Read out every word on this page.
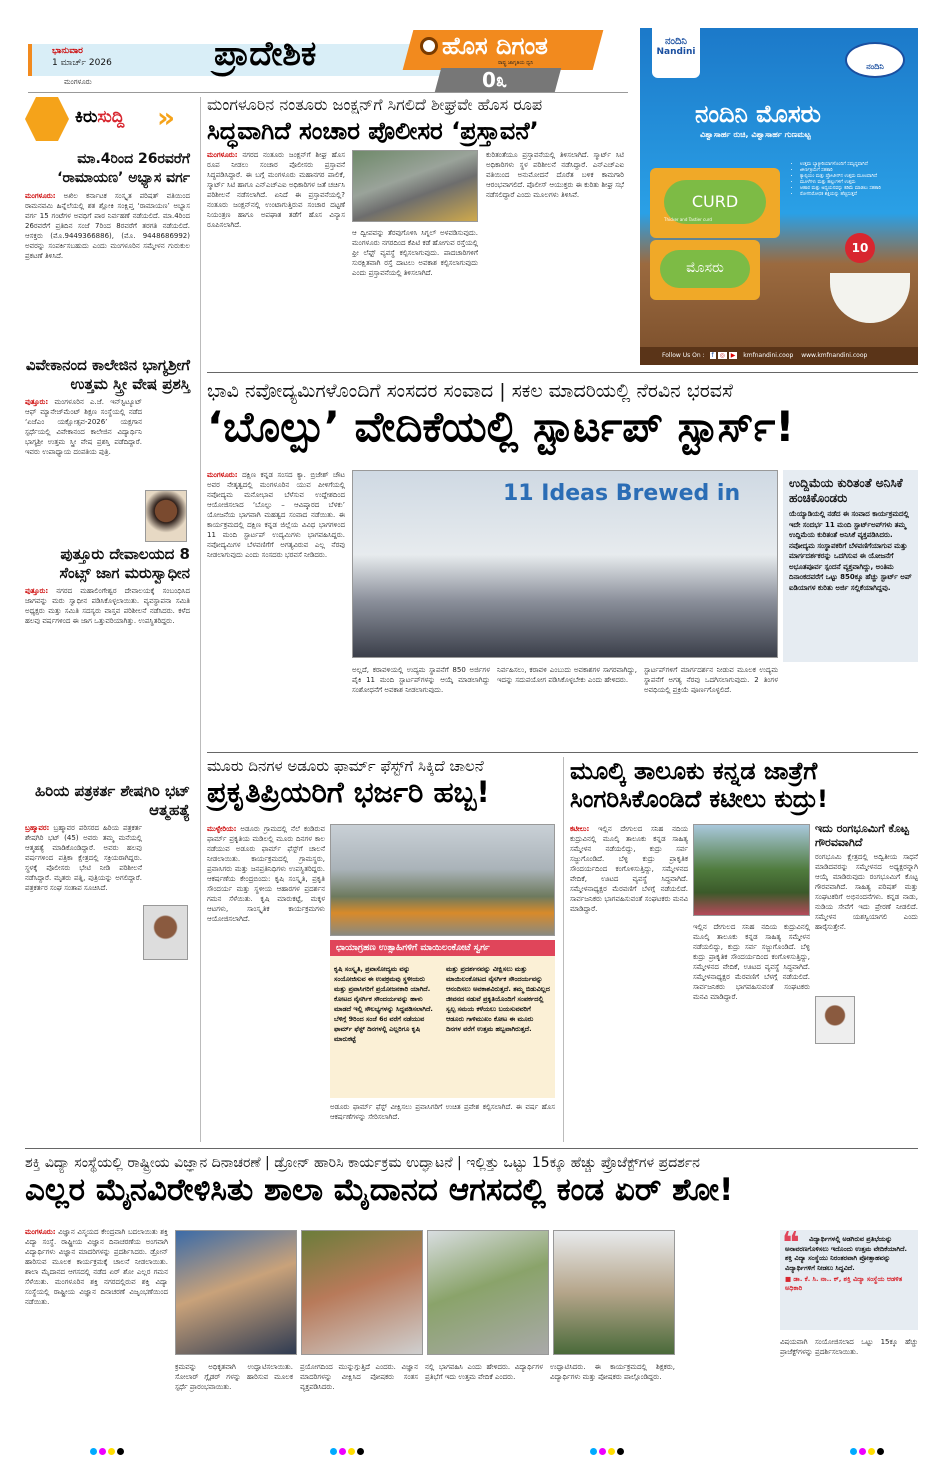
ಭಾನುವಾರ
1 ಮಾರ್ಚ್ 2026
ಮಂಗಳೂರು
ಪ್ರಾದೇಶಿಕ	ಹೊಸ ದಿಗಂತ
ರಾಷ್ಟ್ರ ಜಾಗೃತಿಯ ಧ್ವನಿ
0೩
ನಂದಿನಿ
Nandini
ನಂದಿನಿ
ನಂದಿನಿ ಮೊಸರು
ವಿಶ್ವಾಸಾರ್ಹ ರುಚಿ, ವಿಶ್ವಾಸಾರ್ಹ ಗುಣಮಟ್ಟ
• ಉತ್ತಮ ಬ್ಯಾಕ್ಟೀರಿಯಾಗಳೊಂದಿಗೆ ಸಮೃದ್ಧವಾಗಿದೆ
• ಜೀರ್ಣಕ್ರಿಯೆಗೆ ಸಹಕಾರಿ
• ಕ್ಯಾಲ್ಸಿಯಂ ಮತ್ತು ಪ್ರೋಟೀನ್‌ನ ಉತ್ತಮ ಮೂಲವಾಗಿದೆ
• ಮೂಳೆಗಳು ಮತ್ತು ಹಲ್ಲುಗಳಿಗೆ ಉತ್ತಮ
• ಆಹಾರ ಮತ್ತು ಅಧ್ಯಯನವನ್ನು ಕಡಿಮೆ ಮಾಡಲು ಸಹಕಾರಿ
• ರೋಗನಿರೋಧಕ ಶಕ್ತಿಯನ್ನು ಹೆಚ್ಚಿಸುತ್ತದೆ
CURD
Thicker and Tastier curd
ಮೊಸರು
10
Follow Us On : f ◎ ▶ kmfnandini.coop www.kmfnandini.coop
ಕಿರುಸುದ್ದಿ »
ಮಾ.4ರಿಂದ 26ರವರೆಗೆ ‘ರಾಮಾಯಣ’ ಅಭ್ಯಾಸ ವರ್ಗ
ಮಂಗಳೂರು: ಅಖಿಲ ಕರ್ನಾಟಕ ಸಂಸ್ಕೃತ ಪರಿಷತ್ ವತಿಯಿಂದ ರಾಮನವಮಿ ಹಿನ್ನೆಲೆಯಲ್ಲಿ ಶತ ಶ್ಲೋಕಿ ಸಂಕ್ಷಿಪ್ತ ‘ರಾಮಾಯಣ’ ಅಭ್ಯಾಸ ವರ್ಗ 15 ಗಂಟೆಗಳ ಅವಧಿಗೆ ಪಾಠ ನಿರ್ವಹಣೆ ನಡೆಯಲಿದೆ. ಮಾ.4ರಿಂದ 26ರವರೆಗೆ ಪ್ರತಿದಿನ ಸಂಜೆ 7ರಿಂದ 8ರವರೆಗೆ ತರಗತಿ ನಡೆಯಲಿದೆ. ಆಸಕ್ತರು (ಮೊ.9449366886), (ಮೊ. 9448686992) ಅವರನ್ನು ಸಂಪರ್ಕಿಸಬಹುದು ಎಂದು ಮಂಗಳೂರಿನ ಸಮ್ಮೇಳನ ಗುರುಕುಲ ಪ್ರಕಟಣೆ ತಿಳಿಸಿದೆ.
ವಿವೇಕಾನಂದ ಕಾಲೇಜಿನ ಭಾಗ್ಯಶ್ರೀಗೆ ಉತ್ತಮ ಸ್ತ್ರೀ ವೇಷ ಪ್ರಶಸ್ತಿ
ಪುತ್ತೂರು: ಮಂಗಳೂರಿನ ಎ.ಜೆ. ಇನ್‌ಸ್ಟಿಟ್ಯೂಟ್ ಆಫ್ ಮ್ಯಾನೇಜ್‌ಮೆಂಟ್ ಶಿಕ್ಷಣ ಸಂಸ್ಥೆಯಲ್ಲಿ ನಡೆದ ‘ಏಜೆಎಂ ಯಕ್ಷೋತ್ಸವ-2026’ ಯಕ್ಷಗಾನ ಸ್ಪರ್ಧೆಯಲ್ಲಿ ವಿವೇಕಾನಂದ ಕಾಲೇಜಿನ ವಿದ್ಯಾರ್ಥಿನಿ ಭಾಗ್ಯಶ್ರೀ ಉತ್ತಮ ಸ್ತ್ರೀ ವೇಷ ಪ್ರಶಸ್ತಿ ಪಡೆದಿದ್ದಾರೆ. ಇವರು ಉಪಾಧ್ಯಾಯ ದಂಪತಿಯ ಪುತ್ರಿ.
ಪುತ್ತೂರು ದೇವಾಲಯದ 8 ಸೆಂಟ್ಸ್ ಜಾಗ ಮರುಸ್ವಾಧೀನ
ಪುತ್ತೂರು: ನಗರದ ಮಹಾಲಿಂಗೇಶ್ವರ ದೇವಾಲಯಕ್ಕೆ ಸಂಬಂಧಿಸಿದ ಜಾಗವನ್ನು ಮರು ಸ್ವಾಧೀನ ಪಡಿಸಿಕೊಳ್ಳಲಾಯಿತು. ವ್ಯವಸ್ಥಾಪನಾ ಸಮಿತಿ ಅಧ್ಯಕ್ಷರು ಮತ್ತು ಸಮಿತಿ ಸದಸ್ಯರು ವಾಸ್ತವ ಪರಿಶೀಲನೆ ನಡೆಸಿದರು. ಕಳೆದ ಹಲವು ವರ್ಷಗಳಿಂದ ಈ ಜಾಗ ಒತ್ತುವರಿಯಾಗಿತ್ತು. ಉಪಸ್ಥಿತರಿದ್ದರು.
ಹಿರಿಯ ಪತ್ರಕರ್ತ ಶೇಷಗಿರಿ ಭಟ್ ಆತ್ಮಹತ್ಯೆ
ಬ್ರಹ್ಮಾವರ: ಬ್ರಹ್ಮಾವರ ಪರಿಸರದ ಹಿರಿಯ ಪತ್ರಕರ್ತ ಶೇಷಗಿರಿ ಭಟ್ (45) ಅವರು ತಮ್ಮ ಮನೆಯಲ್ಲಿ ಆತ್ಮಹತ್ಯೆ ಮಾಡಿಕೊಂಡಿದ್ದಾರೆ. ಅವರು ಹಲವು ವರ್ಷಗಳಿಂದ ಪತ್ರಿಕಾ ಕ್ಷೇತ್ರದಲ್ಲಿ ಸಕ್ರಿಯರಾಗಿದ್ದರು. ಸ್ಥಳಕ್ಕೆ ಪೊಲೀಸರು ಭೇಟಿ ನೀಡಿ ಪರಿಶೀಲನೆ ನಡೆಸಿದ್ದಾರೆ. ಮೃತರು ಪತ್ನಿ, ಪುತ್ರಿಯನ್ನು ಅಗಲಿದ್ದಾರೆ. ಪತ್ರಕರ್ತರ ಸಂಘ ಸಂತಾಪ ಸೂಚಿಸಿದೆ.
ಮಂಗಳೂರಿನ ನಂತೂರು ಜಂಕ್ಷನ್‌ಗೆ ಸಿಗಲಿದೆ ಶೀಘ್ರವೇ ಹೊಸ ರೂಪ
ಸಿದ್ಧವಾಗಿದೆ ಸಂಚಾರ ಪೊಲೀಸರ ‘ಪ್ರಸ್ತಾವನೆ’
ಮಂಗಳೂರು: ನಗರದ ನಂತೂರು ಜಂಕ್ಷನ್‌ಗೆ ಶೀಘ್ರ ಹೊಸ ರೂಪ ನೀಡಲು ಸಂಚಾರ ಪೊಲೀಸರು ಪ್ರಸ್ತಾವನೆ ಸಿದ್ಧಪಡಿಸಿದ್ದಾರೆ. ಈ ಬಗ್ಗೆ ಮಂಗಳೂರು ಮಹಾನಗರ ಪಾಲಿಕೆ, ಸ್ಮಾರ್ಟ್ ಸಿಟಿ ಹಾಗೂ ಎನ್‌ಎಚ್‌ಎಐ ಅಧಿಕಾರಿಗಳ ಜತೆ ಚರ್ಚಿಸಿ ಪರಿಶೀಲನೆ ನಡೆಸಲಾಗಿದೆ. ಏನಿದೆ ಈ ಪ್ರಸ್ತಾವನೆಯಲ್ಲಿ? ನಂತೂರು ಜಂಕ್ಷನ್‌ನಲ್ಲಿ ಉಂಟಾಗುತ್ತಿರುವ ಸಂಚಾರ ದಟ್ಟಣೆ ನಿಯಂತ್ರಣ ಹಾಗೂ ಅಪಘಾತ ತಡೆಗೆ ಹೊಸ ವಿನ್ಯಾಸ ರೂಪಿಸಲಾಗಿದೆ.
ಆ ದ್ವೀಪವನ್ನು ತೆರವುಗೊಳಿಸಿ ಸಿಗ್ನಲ್ ಅಳವಡಿಸುವುದು. ಮಂಗಳೂರು ನಗರದಿಂದ ಕೆಪಿಟಿ ಕಡೆ ಹೋಗುವ ರಸ್ತೆಯಲ್ಲಿ ಫ್ರೀ ಲೆಫ್ಟ್ ವ್ಯವಸ್ಥೆ ಕಲ್ಪಿಸಲಾಗುವುದು. ಪಾದಚಾರಿಗಳಿಗೆ ಸುರಕ್ಷಿತವಾಗಿ ರಸ್ತೆ ದಾಟಲು ಅವಕಾಶ ಕಲ್ಪಿಸಲಾಗುವುದು ಎಂದು ಪ್ರಸ್ತಾವನೆಯಲ್ಲಿ ತಿಳಿಸಲಾಗಿದೆ.
ಕುರಿತಂತೆಯೂ ಪ್ರಸ್ತಾವನೆಯಲ್ಲಿ ತಿಳಿಸಲಾಗಿದೆ. ಸ್ಮಾರ್ಟ್ ಸಿಟಿ ಅಧಿಕಾರಿಗಳು ಸ್ಥಳ ಪರಿಶೀಲನೆ ನಡೆಸಿದ್ದಾರೆ. ಎನ್‌ಎಚ್‌ಎಐ ವತಿಯಿಂದ ಅನುಮೋದನೆ ದೊರೆತ ಬಳಿಕ ಕಾಮಗಾರಿ ಆರಂಭವಾಗಲಿದೆ. ಪೊಲೀಸ್ ಆಯುಕ್ತರು ಈ ಕುರಿತು ಶೀಘ್ರ ಸಭೆ ನಡೆಸಲಿದ್ದಾರೆ ಎಂದು ಮೂಲಗಳು ತಿಳಿಸಿವೆ.
ಭಾವಿ ನವೋದ್ಯಮಿಗಳೊಂದಿಗೆ ಸಂಸದರ ಸಂವಾದ | ಸಕಲ ಮಾದರಿಯಲ್ಲಿ ನೆರವಿನ ಭರವಸೆ
‘ಬೊಲ್ಪು’ ವೇದಿಕೆಯಲ್ಲಿ ಸ್ಟಾರ್ಟಪ್ ಸ್ಟಾರ್ಸ್!
ಮಂಗಳೂರು: ದಕ್ಷಿಣ ಕನ್ನಡ ಸಂಸದ ಕ್ಯಾ. ಬ್ರಿಜೇಶ್ ಚೌಟ ಅವರ ನೇತೃತ್ವದಲ್ಲಿ ಮಂಗಳೂರಿನ ಯುವ ಪೀಳಿಗೆಯಲ್ಲಿ ನವೋದ್ಯಮ ಮನೋಭಾವ ಬೆಳೆಸುವ ಉದ್ದೇಶದಿಂದ ಆಯೋಜಿಸಲಾದ ‘ಬೊಲ್ಪು – ಆವಿಷ್ಕಾರದ ಬೆಳಕು’ ಯೋಜನೆಯ ಭಾಗವಾಗಿ ಮಹತ್ವದ ಸಂವಾದ ನಡೆಯಿತು. ಈ ಕಾರ್ಯಕ್ರಮದಲ್ಲಿ ದಕ್ಷಿಣ ಕನ್ನಡ ಜಿಲ್ಲೆಯ ವಿವಿಧ ಭಾಗಗಳಿಂದ 11 ಮಂದಿ ಸ್ಟಾರ್ಟಪ್ ಉದ್ಯಮಿಗಳು ಭಾಗವಹಿಸಿದ್ದರು. ನವೋದ್ಯಮಿಗಳ ಬೆಳವಣಿಗೆಗೆ ಅಗತ್ಯವಿರುವ ಎಲ್ಲ ನೆರವು ನೀಡಲಾಗುವುದು ಎಂದು ಸಂಸದರು ಭರವಸೆ ನೀಡಿದರು.
11 Ideas Brewed in
ಅಲ್ಲದೆ, ಕರಾವಳಿಯಲ್ಲಿ ಉದ್ಯಮ ಸ್ಥಾಪನೆಗೆ 850 ಅರ್ಜಿಗಳ ಪೈಕಿ 11 ಮಂದಿ ಸ್ಟಾರ್ಟಪ್‌ಗಳನ್ನು ಆಯ್ಕೆ ಮಾಡಲಾಗಿದ್ದು ಸಂಶೋಧನೆಗೆ ಅವಕಾಶ ನೀಡಲಾಗುವುದು.
ನಿರ್ವಹಿಸಲು, ಕರಾವಳಿ ಎಂಬುದು ಅವಕಾಶಗಳ ಸಾಗರವಾಗಿದ್ದು, ಇದನ್ನು ಸದುಪಯೋಗ ಪಡಿಸಿಕೊಳ್ಳಬೇಕು ಎಂದು ಹೇಳಿದರು.
ಸ್ಟಾರ್ಟಪ್‌ಗಳಿಗೆ ಮಾರ್ಗದರ್ಶನ ನೀಡುವ ಮೂಲಕ ಉದ್ಯಮ ಸ್ಥಾಪನೆಗೆ ಅಗತ್ಯ ನೆರವು ಒದಗಿಸಲಾಗುವುದು. 2 ತಿಂಗಳ ಅವಧಿಯಲ್ಲಿ ಪ್ರಕ್ರಿಯೆ ಪೂರ್ಣಗೊಳ್ಳಲಿದೆ.
ಉದ್ದಿಮೆಯ ಕುರಿತಂತೆ ಅನಿಸಿಕೆ ಹಂಚಿಕೊಂಡರು
ಯೆಯ್ಯಾಡಿಯಲ್ಲಿ ನಡೆದ ಈ ಸಂವಾದ ಕಾರ್ಯಕ್ರಮದಲ್ಲಿ ಇದೇ ಸಂದರ್ಭ 11 ಮಂದಿ ಸ್ಟಾರ್ಟ್‌ಅಪ್‌ಗಳು ತಮ್ಮ ಉದ್ದಿಮೆಯ ಕುರಿತಂತೆ ಅನಿಸಿಕೆ ವ್ಯಕ್ತಪಡಿಸಿದರು. ನವೋದ್ಯಮ ಸಂಸ್ಥಾಪಕರಿಗೆ ಬೆಳವಣಿಗೆಯಾಗುವ ಮತ್ತು ಮಾರ್ಗದರ್ಶಕರನ್ನು ಒದಗಿಸುವ ಈ ಯೋಜನೆಗೆ ಅಭೂತಪೂರ್ವ ಸ್ಪಂದನೆ ವ್ಯಕ್ತವಾಗಿದ್ದು, ಅಂತಿಮ ದಿನಾಂಕದವರೆಗೆ ಒಟ್ಟು 850ಕ್ಕೂ ಹೆಚ್ಚು ಸ್ಟಾರ್ಟ್ ಅಪ್ ಐಡಿಯಾಗಳ ಕುರಿತು ಅರ್ಜಿ ಸಲ್ಲಿಕೆಯಾಗಿದ್ದವು.
ಮೂರು ದಿನಗಳ ಅಡೂರು ಫಾರ್ಮ್ ಫೆಸ್ಟ್‌ಗೆ ಸಿಕ್ಕಿದೆ ಚಾಲನೆ
ಪ್ರಕೃತಿಪ್ರಿಯರಿಗೆ ಭರ್ಜರಿ ಹಬ್ಬ!
ಮುಳ್ಳೇರಿಯ: ಅಡೂರು ಗ್ರಾಮದಲ್ಲಿ ನೆಲೆ ಕಂಡಿರುವ ಫಾರ್ಮ್ ಪ್ರಕೃತಿಯ ಮಡಿಲಲ್ಲಿ ಮೂರು ದಿನಗಳ ಕಾಲ ನಡೆಯುವ ಅಡೂರು ಫಾರ್ಮ್ ಫೆಸ್ಟ್‌ಗೆ ಚಾಲನೆ ನೀಡಲಾಯಿತು. ಕಾರ್ಯಕ್ರಮದಲ್ಲಿ ಗ್ರಾಮಸ್ಥರು, ಪ್ರವಾಸಿಗರು ಮತ್ತು ಜನಪ್ರತಿನಿಧಿಗಳು ಉಪಸ್ಥಿತರಿದ್ದರು. ಆಕರ್ಷಣೆಯ ಕೇಂದ್ರಬಿಂದು: ಕೃಷಿ ಸಂಸ್ಕೃತಿ, ಪ್ರಕೃತಿ ಸೌಂದರ್ಯ ಮತ್ತು ಸ್ಥಳೀಯ ಆಹಾರಗಳ ಪ್ರದರ್ಶನ ಗಮನ ಸೆಳೆಯಿತು. ಕೃಷಿ ಮಾರುಕಟ್ಟೆ, ಮಕ್ಕಳ ಆಟಗಳು, ಸಾಂಸ್ಕೃತಿಕ ಕಾರ್ಯಕ್ರಮಗಳು ಆಯೋಜಿಸಲಾಗಿದೆ.
ಛಾಯಾಗ್ರಹಣ ಉತ್ಸಾಹಿಗಳಿಗೆ ಮಾಯಿಲಂಕೋಟೆ ಸ್ವರ್ಗ
ಕೃಷಿ ಸಂಸ್ಕೃತಿ, ಪ್ರವಾಸೋದ್ಯಮ ವನ್ನು ಸಂಯೋಜಿಸುವ ಈ ಉಪಕ್ರಮವು ಸ್ಥಳೀಯರು ಮತ್ತು ಪ್ರವಾಸಿಗರಿಗೆ ಪ್ರಯೋಜನಕಾರಿ ಯಾಗಿದೆ. ಕೋಟದ ನೈಸರ್ಗಿಕ ಸೌಂದರ್ಯವನ್ನು ಹಾಳು ಮಾಡದೆ ಇಲ್ಲಿ ಸೌಲಭ್ಯಗಳನ್ನು ಸಿದ್ಧಪಡಿಸಲಾಗಿದೆ. ಬೆಳಿಗ್ಗೆ 9ರಿಂದ ಸಂಜೆ 6ರ ವರೆಗೆ ನಡೆಯುವ ಫಾರ್ಮ್ ಫೆಸ್ಟ್ ದಿನಗಳಲ್ಲಿ ಎಲ್ಲರಿಗೂ ಕೃಷಿ ಮಾರುಕಟ್ಟೆ
ಮತ್ತು ಪ್ರದರ್ಶನವನ್ನು ವೀಕ್ಷಿಸಲು ಮತ್ತು ಮಾಯಿಲಂಕೋಟದ ನೈಸರ್ಗಿಕ ಸೌಂದರ್ಯವನ್ನು ಆನಂದಿಸಲು ಅವಕಾಶವಿರುತ್ತದೆ. ತಮ್ಮ ಬಿಡುವಿಲ್ಲದ ಜೀವನದ ನಡುವೆ ಪ್ರಕೃತಿಯೊಂದಿಗೆ ಸಂಪರ್ಕದಲ್ಲಿ ಸ್ವಲ್ಪ ಸಮಯ ಕಳೆಯಲು ಬಯಸುವವರಿಗೆ ಆಡೂರು ಗಾಳಿಮುಖಂ ಕೋಟ ಈ ಮೂರು ದಿನಗಳ ವರೆಗೆ ಉತ್ತಮ ಹಬ್ಬವಾಗಿರುತ್ತದೆ.
ಅಡೂರು ಫಾರ್ಮ್ ಫೆಸ್ಟ್ ವೀಕ್ಷಿಸಲು ಪ್ರವಾಸಿಗರಿಗೆ ಉಚಿತ ಪ್ರವೇಶ ಕಲ್ಪಿಸಲಾಗಿದೆ. ಈ ವರ್ಷ ಹೊಸ ಆಕರ್ಷಣೆಗಳನ್ನು ಸೇರಿಸಲಾಗಿದೆ.
ಮೂಲ್ಕಿ ತಾಲೂಕು ಕನ್ನಡ ಜಾತ್ರೆಗೆ
ಸಿಂಗರಿಸಿಕೊಂಡಿದೆ ಕಟೀಲು ಕುದ್ರು!
ಕಟೀಲು: ಇಲ್ಲಿನ ದೇಗುಲದ ಸನಿಹ ನದಿಯ ಕುದ್ರುವಿನಲ್ಲಿ ಮೂಲ್ಕಿ ತಾಲೂಕು ಕನ್ನಡ ಸಾಹಿತ್ಯ ಸಮ್ಮೇಳನ ನಡೆಯಲಿದ್ದು, ಕುದ್ರು ಸರ್ವ ಸಜ್ಜುಗೊಂಡಿದೆ. ಬೆಳ್ಳಿ ಕುದ್ರು ಪ್ರಾಕೃತಿಕ ಸೌಂದರ್ಯದಿಂದ ಕಂಗೊಳಿಸುತ್ತಿದ್ದು, ಸಮ್ಮೇಳನದ ವೇದಿಕೆ, ಊಟದ ವ್ಯವಸ್ಥೆ ಸಿದ್ಧವಾಗಿದೆ. ಸಮ್ಮೇಳನಾಧ್ಯಕ್ಷರ ಮೆರವಣಿಗೆ ಬೆಳಗ್ಗೆ ನಡೆಯಲಿದೆ. ಸಾರ್ವಜನಿಕರು ಭಾಗವಹಿಸುವಂತೆ ಸಂಘಟಕರು ಮನವಿ ಮಾಡಿದ್ದಾರೆ.
ಇಲ್ಲಿನ ದೇಗುಲದ ಸನಿಹ ನದಿಯ ಕುದ್ರುವಿನಲ್ಲಿ ಮೂಲ್ಕಿ ತಾಲೂಕು ಕನ್ನಡ ಸಾಹಿತ್ಯ ಸಮ್ಮೇಳನ ನಡೆಯಲಿದ್ದು, ಕುದ್ರು ಸರ್ವ ಸಜ್ಜುಗೊಂಡಿದೆ. ಬೆಳ್ಳಿ ಕುದ್ರು ಪ್ರಾಕೃತಿಕ ಸೌಂದರ್ಯದಿಂದ ಕಂಗೊಳಿಸುತ್ತಿದ್ದು, ಸಮ್ಮೇಳನದ ವೇದಿಕೆ, ಊಟದ ವ್ಯವಸ್ಥೆ ಸಿದ್ಧವಾಗಿದೆ. ಸಮ್ಮೇಳನಾಧ್ಯಕ್ಷರ ಮೆರವಣಿಗೆ ಬೆಳಗ್ಗೆ ನಡೆಯಲಿದೆ. ಸಾರ್ವಜನಿಕರು ಭಾಗವಹಿಸುವಂತೆ ಸಂಘಟಕರು ಮನವಿ ಮಾಡಿದ್ದಾರೆ.
ಇದು ರಂಗಭೂಮಿಗೆ ಕೊಟ್ಟ ಗೌರವವಾಗಿದೆ
ರಂಗಭೂಮಿ ಕ್ಷೇತ್ರದಲ್ಲಿ ಅದ್ವಿತೀಯ ಸಾಧನೆ ಮಾಡಿದವರನ್ನು ಸಮ್ಮೇಳನದ ಅಧ್ಯಕ್ಷರನ್ನಾಗಿ ಆಯ್ಕೆ ಮಾಡಿರುವುದು ರಂಗಭೂಮಿಗೆ ಕೊಟ್ಟ ಗೌರವವಾಗಿದೆ. ಸಾಹಿತ್ಯ ಪರಿಷತ್ ಮತ್ತು ಸಂಘಟಕರಿಗೆ ಅಭಿನಂದನೆಗಳು. ಕನ್ನಡ ನಾಡು, ನುಡಿಯ ಸೇವೆಗೆ ಇದು ಪ್ರೇರಣೆ ನೀಡಲಿದೆ. ಸಮ್ಮೇಳನ ಯಶಸ್ವಿಯಾಗಲಿ ಎಂದು ಹಾರೈಸುತ್ತೇನೆ.
ಶಕ್ತಿ ವಿದ್ಯಾ ಸಂಸ್ಥೆಯಲ್ಲಿ ರಾಷ್ಟ್ರೀಯ ವಿಜ್ಞಾನ ದಿನಾಚರಣೆ | ಡ್ರೋನ್ ಹಾರಿಸಿ ಕಾರ್ಯಕ್ರಮ ಉದ್ಘಾಟನೆ | ಇಲ್ಲಿತ್ತು ಒಟ್ಟು 15ಕ್ಕೂ ಹೆಚ್ಚು ಪ್ರೊಜೆಕ್ಟ್‌ಗಳ ಪ್ರದರ್ಶನ
ಎಲ್ಲರ ಮೈನವಿರೇಳಿಸಿತು ಶಾಲಾ ಮೈದಾನದ ಆಗಸದಲ್ಲಿ ಕಂಡ ಏರ್ ಶೋ!
ಮಂಗಳೂರು: ವಿಜ್ಞಾನ ವಿಸ್ಮಯದ ಕೇಂದ್ರವಾಗಿ ಬದಲಾಯಿತು ಶಕ್ತಿ ವಿದ್ಯಾ ಸಂಸ್ಥೆ. ರಾಷ್ಟ್ರೀಯ ವಿಜ್ಞಾನ ದಿನಾಚರಣೆಯ ಅಂಗವಾಗಿ ವಿದ್ಯಾರ್ಥಿಗಳು ವಿಜ್ಞಾನ ಮಾದರಿಗಳನ್ನು ಪ್ರದರ್ಶಿಸಿದರು. ಡ್ರೋನ್ ಹಾರಿಸುವ ಮೂಲಕ ಕಾರ್ಯಕ್ರಮಕ್ಕೆ ಚಾಲನೆ ನೀಡಲಾಯಿತು. ಶಾಲಾ ಮೈದಾನದ ಆಗಸದಲ್ಲಿ ನಡೆದ ಏರ್ ಶೋ ಎಲ್ಲರ ಗಮನ ಸೆಳೆಯಿತು. ಮಂಗಳೂರಿನ ಶಕ್ತಿ ನಗರದಲ್ಲಿರುವ ಶಕ್ತಿ ವಿದ್ಯಾ ಸಂಸ್ಥೆಯಲ್ಲಿ ರಾಷ್ಟ್ರೀಯ ವಿಜ್ಞಾನ ದಿನಾಚರಣೆ ವಿಜೃಂಭಣೆಯಿಂದ ನಡೆಯಿತು.
ಕ್ರಮವನ್ನು ಅಧಿಕೃತವಾಗಿ ಉದ್ಘಾಟಿಸಲಾಯಿತು. ಸೋಲಾರ್ ಗ್ಲೈಡರ್ ಗಳನ್ನು ಹಾರಿಸುವ ಮೂಲಕ ಸ್ಪರ್ಧೆ ಪ್ರಾರಂಭವಾಯಿತು.
ಪ್ರಯೋಗದಿಂದ ಮುನ್ನುಗ್ಗುತ್ತಿದೆ ಎಂದರು. ವಿಜ್ಞಾನ ಮಾದರಿಗಳನ್ನು ವೀಕ್ಷಿಸಿದ ಪೋಷಕರು ಸಂತಸ ವ್ಯಕ್ತಪಡಿಸಿದರು.
ನಲ್ಲಿ ಭಾಗವಹಿಸಿ ಎಂದು ಹೇಳಿದರು. ವಿದ್ಯಾರ್ಥಿಗಳ ಪ್ರತಿಭೆಗೆ ಇದು ಉತ್ತಮ ವೇದಿಕೆ ಎಂದರು.
ಉದ್ಘಾಟಿಸಿದರು. ಈ ಕಾರ್ಯಕ್ರಮದಲ್ಲಿ ಶಿಕ್ಷಕರು, ವಿದ್ಯಾರ್ಥಿಗಳು ಮತ್ತು ಪೋಷಕರು ಪಾಲ್ಗೊಂಡಿದ್ದರು.
❝	ವಿದ್ಯಾರ್ಥಿಗಳಲ್ಲಿ ಅಡಗಿರುವ ಪ್ರತಿಭೆಯನ್ನು ಅನಾವರಣಗೊಳಿಸಲು ಇದೊಂದು ಉತ್ತಮ ವೇದಿಕೆಯಾಗಿದೆ. ಶಕ್ತಿ ವಿದ್ಯಾ ಸಂಸ್ಥೆಯು ನಿರಂತರವಾಗಿ ಪ್ರೋತ್ಸಾಹವನ್ನು ವಿದ್ಯಾರ್ಥಿಗಳಿಗೆ ನೀಡಲು ಸಿದ್ಧವಿದೆ.
■ ಡಾ. ಕೆ. ಸಿ. ನಾ.. ಕ್, ಶಕ್ತಿ ವಿದ್ಯಾ ಸಂಸ್ಥೆಯ ಆಡಳಿತ ಅಧಿಕಾರಿ
ವಿಷಯವಾಗಿ ಸಂಯೋಜಿಸಲಾದ ಒಟ್ಟು 15ಕ್ಕೂ ಹೆಚ್ಚು ಪ್ರಾಜೆಕ್ಟ್‌ಗಳನ್ನು ಪ್ರದರ್ಶಿಸಲಾಯಿತು.
